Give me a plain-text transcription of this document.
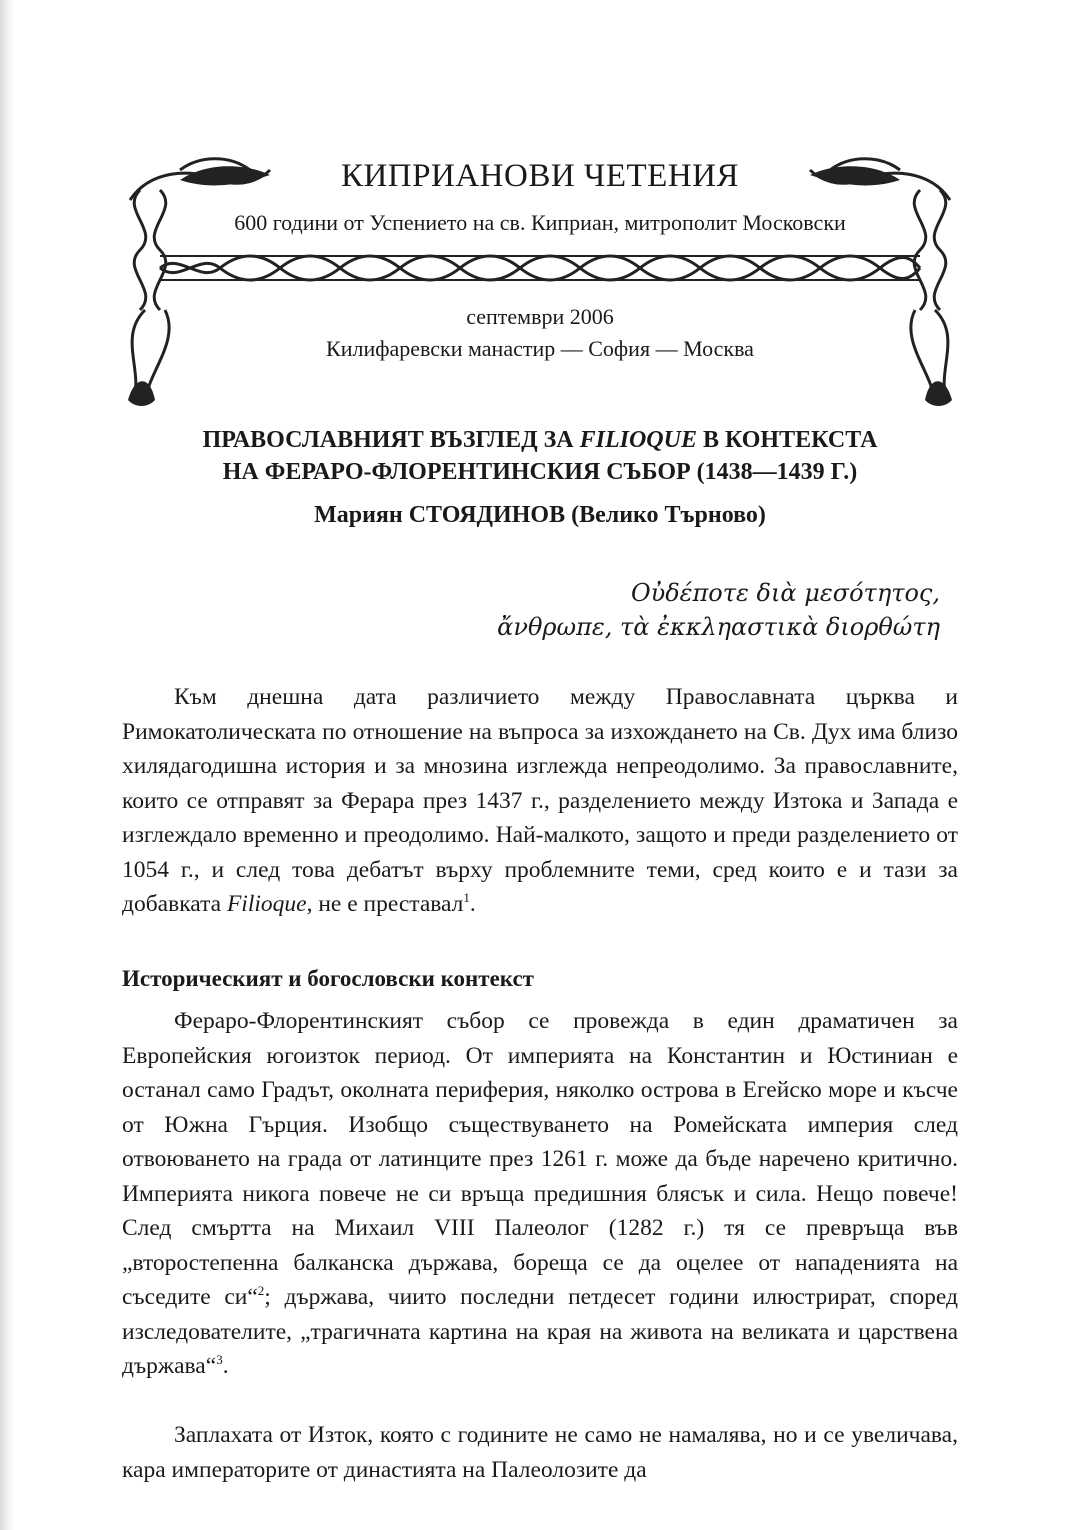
КИПРИАНОВИ ЧЕТЕНИЯ
600 години от Успението на св. Киприан, митрополит Московски
септември 2006
Килифаревски манастир — София — Москва
ПРАВОСЛАВНИЯТ ВЪЗГЛЕД ЗА FILIOQUE В КОНТЕКСТА
НА ФЕРАРО-ФЛОРЕНТИНСКИЯ СЪБОР (1438—1439 Г.)
Мариян СТОЯДИНОВ (Велико Търново)
Οὐδέποτε διὰ μεσότητος,
ἄνθρωπε, τὰ ἐκκληαστικὰ διορθώτη

Към днешна дата различието между Православната църква и Римокатолическата по отношение на въпроса за изхождането на Св. Дух има близо хилядагодишна история и за мнозина изглежда непреодолимо. За православните, които се отправят за Ферара през 1437 г., разделението между Изтока и Запада е изглеждало временно и преодолимо. Най-малкото, защото и преди разделението от 1054 г., и след това дебатът върху проблемните теми, сред които е и тази за добавката Filioque, не е преставал$^1$.

Историческият и богословски контекст

Фераро-Флорентинският събор се провежда в един драматичен за Европейския югоизток период. От империята на Константин и Юстиниан е останал само Градът, околната периферия, няколко острова в Егейско море и късче от Южна Гърция. Изобщо съществуването на Ромейската империя след отвоюването на града от латинците през 1261 г. може да бъде наречено критично. Империята никога повече не си връща предишния блясък и сила. Нещо повече! След смъртта на Михаил VIII Палеолог (1282 г.) тя се превръща във „второстепенна балканска държава, бореща се да оцелее от нападенията на съседите си“$^2$; държава, чиито последни петдесет години илюстрират, според изследователите, „трагичната картина на края на живота на великата и царствена държава“$^3$.

Заплахата от Изток, която с годините не само не намалява, но и се увеличава, кара императорите от династията на Палеолозите да
